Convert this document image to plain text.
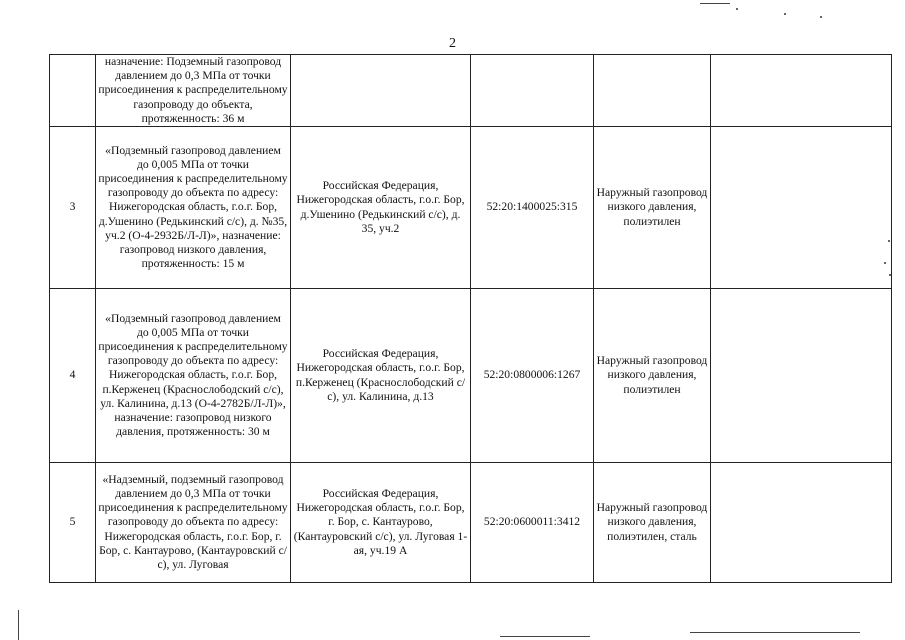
2
	назначение: Подземный газопровод давлением до 0,3 МПа от точки присоединения к распределительному газопроводу до объекта, протяженность: 36 м				
3	«Подземный газопровод давлением до 0,005 МПа от точки присоединения к распределительному газопроводу до объекта по адресу: Нижегородская область, г.о.г. Бор, д.Ушенино (Редькинский с/с), д. №35, уч.2 (О-4-2932Б/Л-Л)», назначение: газопровод низкого давления, протяженность: 15 м	Российская Федерация, Нижегородская область, г.о.г. Бор, д.Ушенино (Редькинский с/с), д. 35, уч.2	52:20:1400025:315	Наружный газопровод низкого давления, полиэтилен	
4	«Подземный газопровод давлением до 0,005 МПа от точки присоединения к распределительному газопроводу до объекта по адресу: Нижегородская область, г.о.г. Бор, п.Керженец (Краснослободский с/с), ул. Калинина, д.13 (О-4-2782Б/Л-Л)», назначение: газопровод низкого давления, протяженность: 30 м	Российская Федерация, Нижегородская область, г.о.г. Бор, п.Керженец (Краснослободский с/с), ул. Калинина, д.13	52:20:0800006:1267	Наружный газопровод низкого давления, полиэтилен	
5	«Надземный, подземный газопровод давлением до 0,3 МПа от точки присоединения к распределительному газопроводу до объекта по адресу: Нижегородская область, г.о.г. Бор, г. Бор, с. Кантаурово, (Кантауровский с/с), ул. Луговая	Российская Федерация, Нижегородская область, г.о.г. Бор, г. Бор, с. Кантаурово, (Кантауровский с/с), ул. Луговая 1-ая, уч.19 А	52:20:0600011:3412	Наружный газопровод низкого давления, полиэтилен, сталь	
